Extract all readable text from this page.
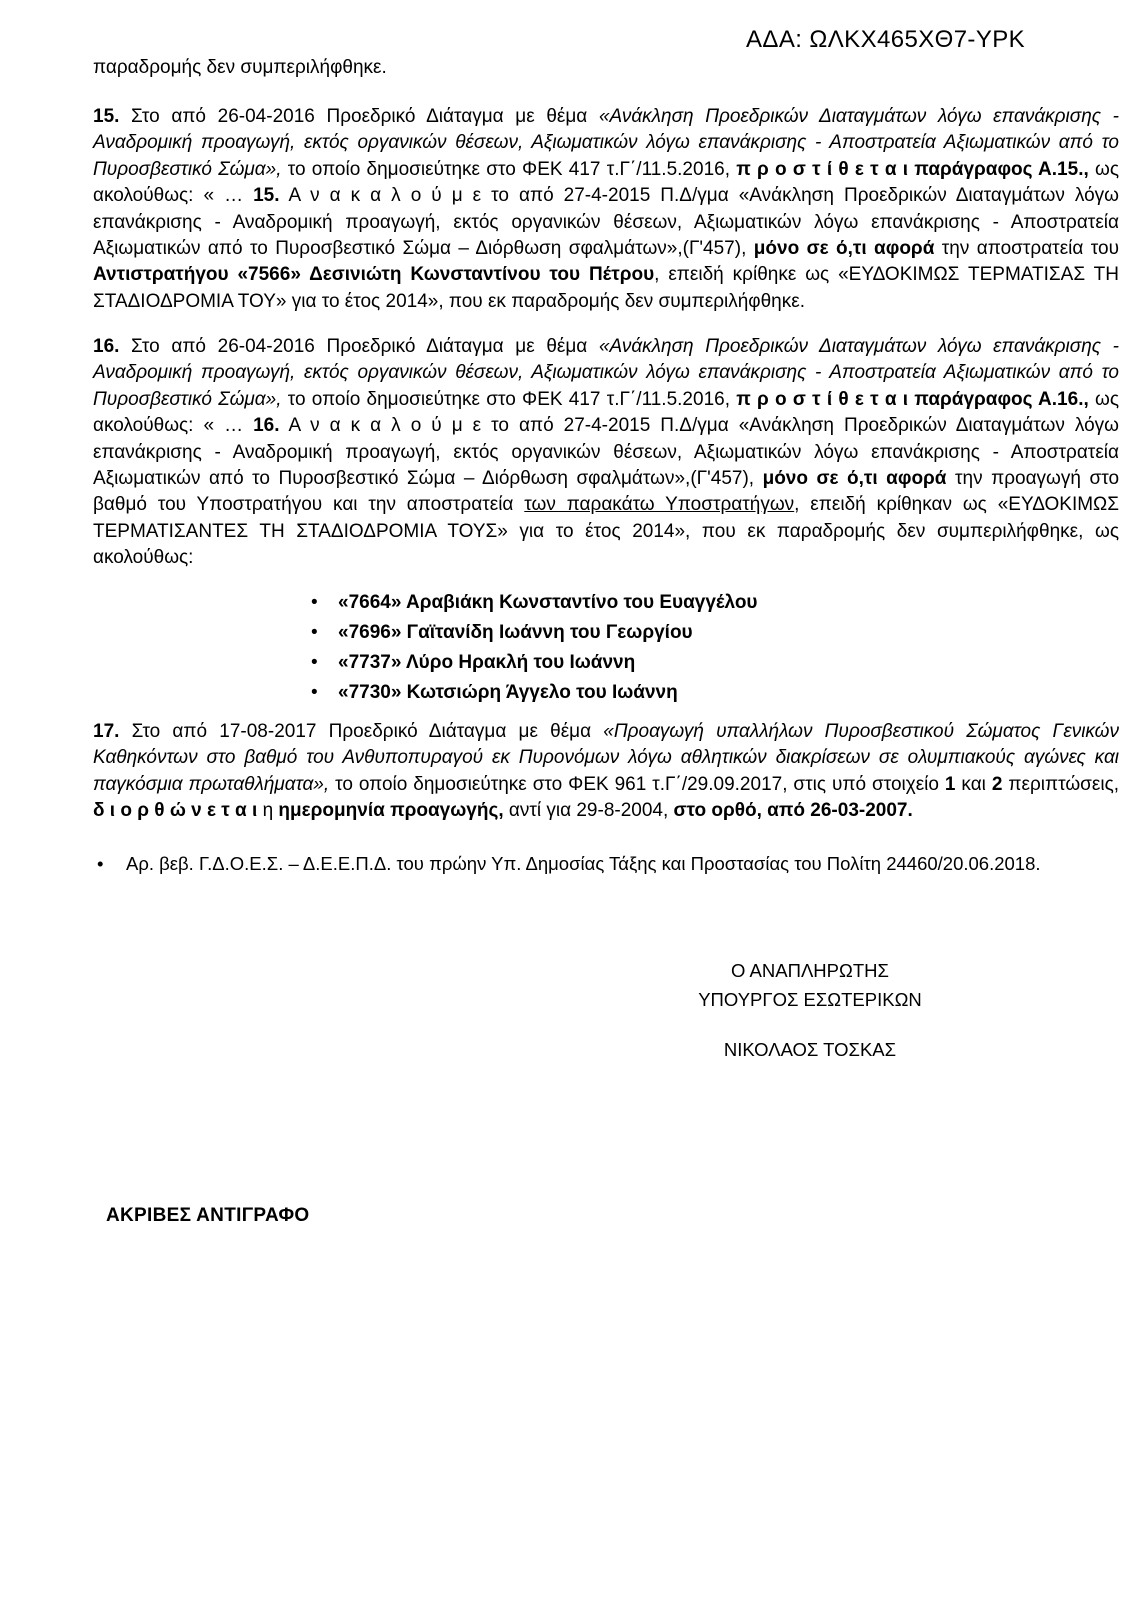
ΑΔΑ: ΩΛΚΧ465ΧΘ7-ΥΡΚ
παραδρομής δεν συμπεριλήφθηκε.

15. Στο από 26-04-2016 Προεδρικό Διάταγμα με θέμα «Ανάκληση Προεδρικών Διαταγμάτων λόγω επανάκρισης - Αναδρομική προαγωγή, εκτός οργανικών θέσεων, Αξιωματικών λόγω επανάκρισης - Αποστρατεία Αξιωματικών από το Πυροσβεστικό Σώμα», το οποίο δημοσιεύτηκε στο ΦΕΚ 417 τ.Γ΄/11.5.2016, π ρ ο σ τ ί θ ε τ α ι παράγραφος Α.15., ως ακολούθως: « … 15. Α ν α κ α λ ο ύ μ ε το από 27-4-2015 Π.Δ/γμα «Ανάκληση Προεδρικών Διαταγμάτων λόγω επανάκρισης - Αναδρομική προαγωγή, εκτός οργανικών θέσεων, Αξιωματικών λόγω επανάκρισης - Αποστρατεία Αξιωματικών από το Πυροσβεστικό Σώμα – Διόρθωση σφαλμάτων»,(Γ'457), μόνο σε ό,τι αφορά την αποστρατεία του Αντιστρατήγου «7566» Δεσινιώτη Κωνσταντίνου του Πέτρου, επειδή κρίθηκε ως «ΕΥΔΟΚΙΜΩΣ ΤΕΡΜΑΤΙΣΑΣ ΤΗ ΣΤΑΔΙΟΔΡΟΜΙΑ ΤΟΥ» για το έτος 2014», που εκ παραδρομής δεν συμπεριλήφθηκε.

16. Στο από 26-04-2016 Προεδρικό Διάταγμα με θέμα «Ανάκληση Προεδρικών Διαταγμάτων λόγω επανάκρισης - Αναδρομική προαγωγή, εκτός οργανικών θέσεων, Αξιωματικών λόγω επανάκρισης - Αποστρατεία Αξιωματικών από το Πυροσβεστικό Σώμα», το οποίο δημοσιεύτηκε στο ΦΕΚ 417 τ.Γ΄/11.5.2016, π ρ ο σ τ ί θ ε τ α ι παράγραφος Α.16., ως ακολούθως: « … 16. Α ν α κ α λ ο ύ μ ε το από 27-4-2015 Π.Δ/γμα «Ανάκληση Προεδρικών Διαταγμάτων λόγω επανάκρισης - Αναδρομική προαγωγή, εκτός οργανικών θέσεων, Αξιωματικών λόγω επανάκρισης - Αποστρατεία Αξιωματικών από το Πυροσβεστικό Σώμα – Διόρθωση σφαλμάτων»,(Γ'457), μόνο σε ό,τι αφορά την προαγωγή στο βαθμό του Υποστρατήγου και την αποστρατεία των παρακάτω Υποστρατήγων, επειδή κρίθηκαν ως «ΕΥΔΟΚΙΜΩΣ ΤΕΡΜΑΤΙΣΑΝΤΕΣ ΤΗ ΣΤΑΔΙΟΔΡΟΜΙΑ ΤΟΥΣ» για το έτος 2014», που εκ παραδρομής δεν συμπεριλήφθηκε, ως ακολούθως:

• «7664» Αραβιάκη Κωνσταντίνο του Ευαγγέλου
• «7696» Γαϊτανίδη Ιωάννη του Γεωργίου
• «7737» Λύρο Ηρακλή του Ιωάννη
• «7730» Κωτσιώρη Άγγελο του Ιωάννη

17. Στο από 17-08-2017 Προεδρικό Διάταγμα με θέμα «Προαγωγή υπαλλήλων Πυροσβεστικού Σώματος Γενικών Καθηκόντων στο βαθμό του Ανθυποπυραγού εκ Πυρονόμων λόγω αθλητικών διακρίσεων σε ολυμπιακούς αγώνες και παγκόσμια πρωταθλήματα», το οποίο δημοσιεύτηκε στο ΦΕΚ 961 τ.Γ΄/29.09.2017, στις υπό στοιχείο 1 και 2 περιπτώσεις, δ ι ο ρ θ ώ ν ε τ α ι η ημερομηνία προαγωγής, αντί για 29-8-2004, στο ορθό, από 26-03-2007.

• Αρ. βεβ. Γ.Δ.Ο.Ε.Σ. – Δ.Ε.Ε.Π.Δ. του πρώην Υπ. Δημοσίας Τάξης και Προστασίας του Πολίτη 24460/20.06.2018.
Ο ΑΝΑΠΛΗΡΩΤΗΣ
ΥΠΟΥΡΓΟΣ ΕΣΩΤΕΡΙΚΩΝ
ΝΙΚΟΛΑΟΣ ΤΟΣΚΑΣ
ΑΚΡΙΒΕΣ ΑΝΤΙΓΡΑΦΟ
